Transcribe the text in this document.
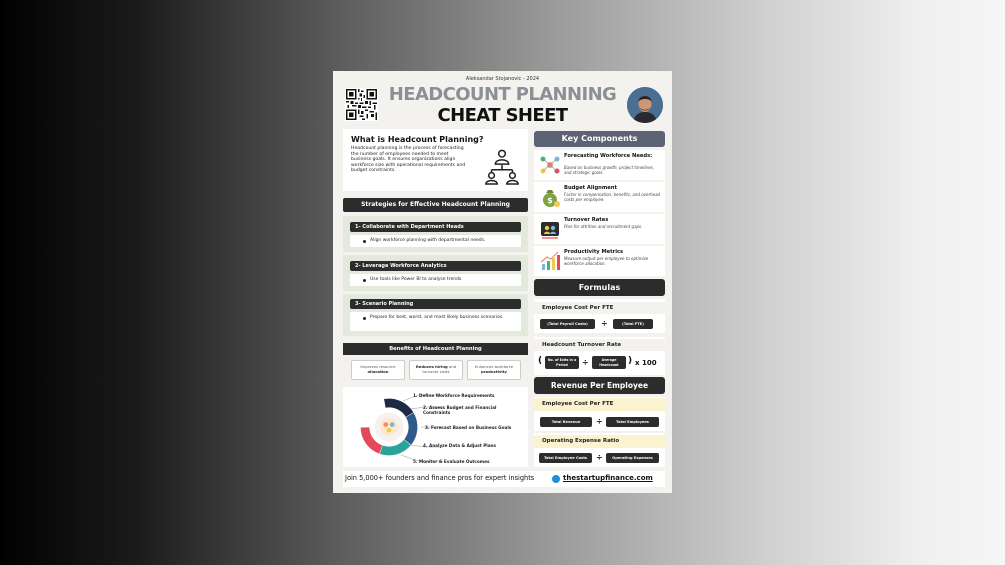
Aleksandar Stojanovic - 2024
HEADCOUNT PLANNING
CHEAT SHEET
What is Headcount Planning?
Headcount planning is the process of forecasting the number of employees needed to meet business goals. It ensures organizations align workforce size with operational requirements and budget constraints.
Strategies for Effective Headcount Planning
1- Collaborate with Department Heads
Align workforce planning with departmental needs.
2- Leverage Workforce Analytics
Use tools like Power BI to analyse trends.
3- Scenario Planning
Prepare for best, worst, and most likely business scenarios.
Benefits of Headcount Planning
Improves resource allocation
Reduces hiring and turnover costs
Enhances workforce productivity
1. Define Workforce Requirements
2. Assess Budget and Financial Constraints
3. Forecast Based on Business Goals
4. Analyze Data & Adjust Plans
5. Monitor & Evaluate Outcomes
Key Components
Forecasting Workforce Needs:
Based on business growth, project timelines, and strategic goals.
$
Budget Alignment
Factor in compensation, benefits, and overhead costs per employee.
Turnover Rates
Plan for attrition and recruitment gaps.
Productivity Metrics
Measure output per employee to optimize workforce allocation.
Formulas
Employee Cost Per FTE
(Total Payroll Costs)	÷	(Total FTE)
Headcount Turnover Rate
(	No. of Exits in a Period	÷	Average Headcount	) x 100
Revenue Per Employee
Employee Cost Per FTE
Total Revenue	÷	Total Employees
Operating Expense Ratio
Total Employee Costs	÷	Operating Expenses
Join 5,000+ founders and finance pros for expert insights	thestartupfinance.com
